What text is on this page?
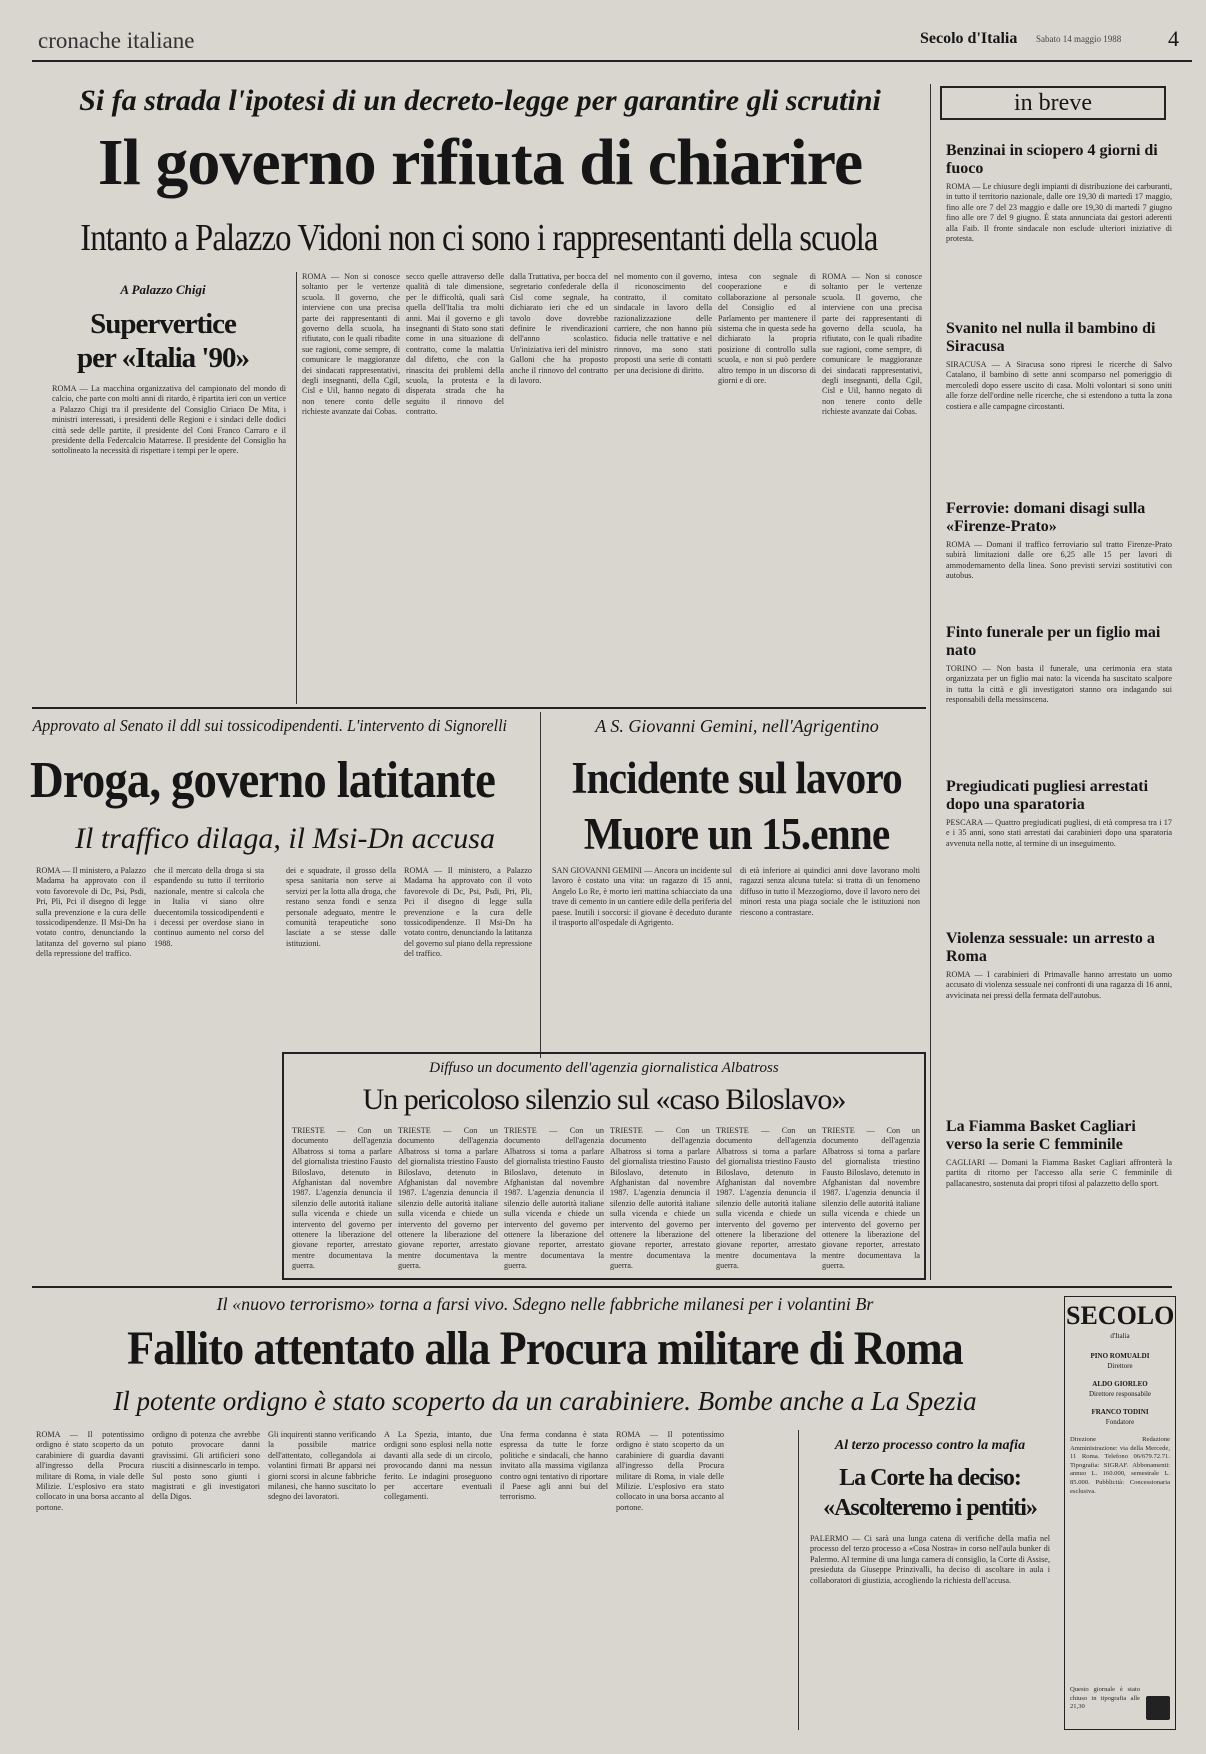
cronache italiane	Secolo d'Italia Sabato 14 maggio 1988 4
Si fa strada l'ipotesi di un decreto-legge per garantire gli scrutini
Il governo rifiuta di chiarire
Intanto a Palazzo Vidoni non ci sono i rappresentanti della scuola
A Palazzo Chigi
Supervertice
per «Italia '90»
ROMA — La macchina organizzativa del campionato del mondo di calcio, che parte con molti anni di ritardo, è ripartita ieri con un vertice a Palazzo Chigi tra il presidente del Consiglio Ciriaco De Mita, i ministri interessati, i presidenti delle Regioni e i sindaci delle dodici città sede delle partite, il presidente del Coni Franco Carraro e il presidente della Federcalcio Matarrese. Il presidente del Consiglio ha sottolineato la necessità di rispettare i tempi per le opere.
ROMA — Non si conosce soltanto per le vertenze scuola. Il governo, che interviene con una precisa parte dei rappresentanti di governo della scuola, ha rifiutato, con le quali ribadite sue ragioni, come sempre, di comunicare le maggioranze dei sindacati rappresentativi, degli insegnanti, della Cgil, Cisl e Uil, hanno negato di non tenere conto delle richieste avanzate dai Cobas.
secco quelle attraverso delle qualità di tale dimensione, per le difficoltà, quali sarà quella dell'Italia tra molti anni. Mai il governo e gli insegnanti di Stato sono stati come in una situazione di contratto, come la malattia dal difetto, che con la rinascita dei problemi della scuola, la protesta e la disperata strada che ha seguito il rinnovo del contratto.
dalla Trattativa, per bocca del segretario confederale della Cisl come segnale, ha dichiarato ieri che ed un tavolo dove dovrebbe definire le rivendicazioni dell'anno scolastico. Un'iniziativa ieri del ministro Galloni che ha proposto anche il rinnovo del contratto di lavoro.
nel momento con il governo, il riconoscimento del contratto, il comitato sindacale in lavoro della razionalizzazione delle carriere, che non hanno più fiducia nelle trattative e nel rinnovo, ma sono stati proposti una serie di contatti per una decisione di diritto.
intesa con segnale di cooperazione e di collaborazione al personale del Consiglio ed al Parlamento per mantenere il sistema che in questa sede ha dichiarato la propria posizione di controllo sulla scuola, e non si può perdere altro tempo in un discorso di giorni e di ore.
ROMA — Non si conosce soltanto per le vertenze scuola. Il governo, che interviene con una precisa parte dei rappresentanti di governo della scuola, ha rifiutato, con le quali ribadite sue ragioni, come sempre, di comunicare le maggioranze dei sindacati rappresentativi, degli insegnanti, della Cgil, Cisl e Uil, hanno negato di non tenere conto delle richieste avanzate dai Cobas.
in breve
Benzinai in sciopero 4 giorni di fuoco
ROMA — Le chiusure degli impianti di distribuzione dei carburanti, in tutto il territorio nazionale, dalle ore 19,30 di martedì 17 maggio, fino alle ore 7 del 23 maggio e dalle ore 19,30 di martedì 7 giugno fino alle ore 7 del 9 giugno. È stata annunciata dai gestori aderenti alla Faib. Il fronte sindacale non esclude ulteriori iniziative di protesta.
Svanito nel nulla il bambino di Siracusa
SIRACUSA — A Siracusa sono ripresi le ricerche di Salvo Catalano, il bambino di sette anni scomparso nel pomeriggio di mercoledì dopo essere uscito di casa. Molti volontari si sono uniti alle forze dell'ordine nelle ricerche, che si estendono a tutta la zona costiera e alle campagne circostanti.
Ferrovie: domani disagi sulla «Firenze-Prato»
ROMA — Domani il traffico ferroviario sul tratto Firenze-Prato subirà limitazioni dalle ore 6,25 alle 15 per lavori di ammodernamento della linea. Sono previsti servizi sostitutivi con autobus.
Finto funerale per un figlio mai nato
TORINO — Non basta il funerale, una cerimonia era stata organizzata per un figlio mai nato: la vicenda ha suscitato scalpore in tutta la città e gli investigatori stanno ora indagando sui responsabili della messinscena.
Pregiudicati pugliesi arrestati dopo una sparatoria
PESCARA — Quattro pregiudicati pugliesi, di età compresa tra i 17 e i 35 anni, sono stati arrestati dai carabinieri dopo una sparatoria avvenuta nella notte, al termine di un inseguimento.
Violenza sessuale: un arresto a Roma
ROMA — I carabinieri di Primavalle hanno arrestato un uomo accusato di violenza sessuale nei confronti di una ragazza di 16 anni, avvicinata nei pressi della fermata dell'autobus.
La Fiamma Basket Cagliari verso la serie C femminile
CAGLIARI — Domani la Fiamma Basket Cagliari affronterà la partita di ritorno per l'accesso alla serie C femminile di pallacanestro, sostenuta dai propri tifosi al palazzetto dello sport.
Approvato al Senato il ddl sui tossicodipendenti. L'intervento di Signorelli
Droga, governo latitante
Il traffico dilaga, il Msi-Dn accusa
ROMA — Il ministero, a Palazzo Madama ha approvato con il voto favorevole di Dc, Psi, Psdi, Pri, Pli, Pci il disegno di legge sulla prevenzione e la cura delle tossicodipendenze. Il Msi-Dn ha votato contro, denunciando la latitanza del governo sul piano della repressione del traffico.
che il mercato della droga si sta espandendo su tutto il territorio nazionale, mentre si calcola che in Italia vi siano oltre duecentomila tossicodipendenti e i decessi per overdose siano in continuo aumento nel corso del 1988.
dei e squadrate, il grosso della spesa sanitaria non serve ai servizi per la lotta alla droga, che restano senza fondi e senza personale adeguato, mentre le comunità terapeutiche sono lasciate a se stesse dalle istituzioni.
ROMA — Il ministero, a Palazzo Madama ha approvato con il voto favorevole di Dc, Psi, Psdi, Pri, Pli, Pci il disegno di legge sulla prevenzione e la cura delle tossicodipendenze. Il Msi-Dn ha votato contro, denunciando la latitanza del governo sul piano della repressione del traffico.
A S. Giovanni Gemini, nell'Agrigentino
Incidente sul lavoro
Muore un 15.enne
SAN GIOVANNI GEMINI — Ancora un incidente sul lavoro è costato una vita: un ragazzo di 15 anni, Angelo Lo Re, è morto ieri mattina schiacciato da una trave di cemento in un cantiere edile della periferia del paese. Inutili i soccorsi: il giovane è deceduto durante il trasporto all'ospedale di Agrigento.
di età inferiore ai quindici anni dove lavorano molti ragazzi senza alcuna tutela: si tratta di un fenomeno diffuso in tutto il Mezzogiorno, dove il lavoro nero dei minori resta una piaga sociale che le istituzioni non riescono a contrastare.
Diffuso un documento dell'agenzia giornalistica Albatross
Un pericoloso silenzio sul «caso Biloslavo»
TRIESTE — Con un documento dell'agenzia Albatross si torna a parlare del giornalista triestino Fausto Biloslavo, detenuto in Afghanistan dal novembre 1987. L'agenzia denuncia il silenzio delle autorità italiane sulla vicenda e chiede un intervento del governo per ottenere la liberazione del giovane reporter, arrestato mentre documentava la guerra.
TRIESTE — Con un documento dell'agenzia Albatross si torna a parlare del giornalista triestino Fausto Biloslavo, detenuto in Afghanistan dal novembre 1987. L'agenzia denuncia il silenzio delle autorità italiane sulla vicenda e chiede un intervento del governo per ottenere la liberazione del giovane reporter, arrestato mentre documentava la guerra.
TRIESTE — Con un documento dell'agenzia Albatross si torna a parlare del giornalista triestino Fausto Biloslavo, detenuto in Afghanistan dal novembre 1987. L'agenzia denuncia il silenzio delle autorità italiane sulla vicenda e chiede un intervento del governo per ottenere la liberazione del giovane reporter, arrestato mentre documentava la guerra.
TRIESTE — Con un documento dell'agenzia Albatross si torna a parlare del giornalista triestino Fausto Biloslavo, detenuto in Afghanistan dal novembre 1987. L'agenzia denuncia il silenzio delle autorità italiane sulla vicenda e chiede un intervento del governo per ottenere la liberazione del giovane reporter, arrestato mentre documentava la guerra.
TRIESTE — Con un documento dell'agenzia Albatross si torna a parlare del giornalista triestino Fausto Biloslavo, detenuto in Afghanistan dal novembre 1987. L'agenzia denuncia il silenzio delle autorità italiane sulla vicenda e chiede un intervento del governo per ottenere la liberazione del giovane reporter, arrestato mentre documentava la guerra.
TRIESTE — Con un documento dell'agenzia Albatross si torna a parlare del giornalista triestino Fausto Biloslavo, detenuto in Afghanistan dal novembre 1987. L'agenzia denuncia il silenzio delle autorità italiane sulla vicenda e chiede un intervento del governo per ottenere la liberazione del giovane reporter, arrestato mentre documentava la guerra.
Il «nuovo terrorismo» torna a farsi vivo. Sdegno nelle fabbriche milanesi per i volantini Br
Fallito attentato alla Procura militare di Roma
Il potente ordigno è stato scoperto da un carabiniere. Bombe anche a La Spezia
ROMA — Il potentissimo ordigno è stato scoperto da un carabiniere di guardia davanti all'ingresso della Procura militare di Roma, in viale delle Milizie. L'esplosivo era stato collocato in una borsa accanto al portone.
ordigno di potenza che avrebbe potuto provocare danni gravissimi. Gli artificieri sono riusciti a disinnescarlo in tempo. Sul posto sono giunti i magistrati e gli investigatori della Digos.
Gli inquirenti stanno verificando la possibile matrice dell'attentato, collegandola ai volantini firmati Br apparsi nei giorni scorsi in alcune fabbriche milanesi, che hanno suscitato lo sdegno dei lavoratori.
A La Spezia, intanto, due ordigni sono esplosi nella notte davanti alla sede di un circolo, provocando danni ma nessun ferito. Le indagini proseguono per accertare eventuali collegamenti.
Una ferma condanna è stata espressa da tutte le forze politiche e sindacali, che hanno invitato alla massima vigilanza contro ogni tentativo di riportare il Paese agli anni bui del terrorismo.
ROMA — Il potentissimo ordigno è stato scoperto da un carabiniere di guardia davanti all'ingresso della Procura militare di Roma, in viale delle Milizie. L'esplosivo era stato collocato in una borsa accanto al portone.
Al terzo processo contro la mafia
La Corte ha deciso:
«Ascolteremo i pentiti»
PALERMO — Ci sarà una lunga catena di verifiche della mafia nel processo del terzo processo a «Cosa Nostra» in corso nell'aula bunker di Palermo. Al termine di una lunga camera di consiglio, la Corte di Assise, presieduta da Giuseppe Prinzivalli, ha deciso di ascoltare in aula i collaboratori di giustizia, accogliendo la richiesta dell'accusa.
SECOLO
d'Italia
PINO ROMUALDI
Direttore
ALDO GIORLEO
Direttore responsabile
FRANCO TODINI
Fondatore
Direzione Redazione Amministrazione: via della Mercede, 11 Roma. Telefono 06/679.72.71. Tipografia: SIGRAF. Abbonamenti: annuo L. 160.000, semestrale L. 85.000. Pubblicità: Concessionaria esclusiva.
Questo giornale è stato chiuso in tipografia alle 21,30
